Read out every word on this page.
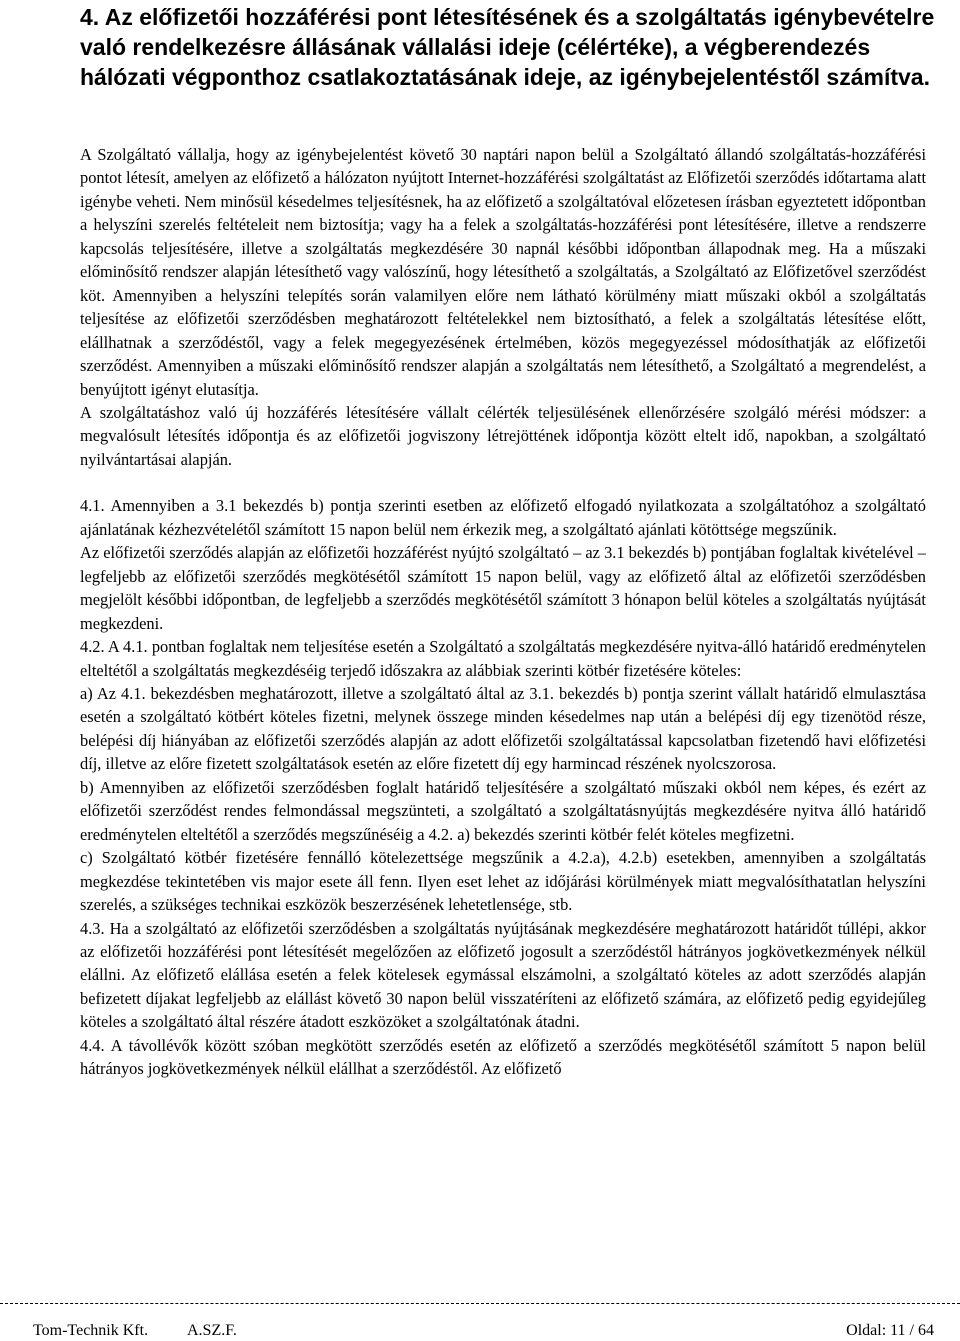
4. Az előfizetői hozzáférési pont létesítésének és a szolgáltatás igénybevételre való rendelkezésre állásának vállalási ideje (célértéke), a végberendezés hálózati végponthoz csatlakoztatásának ideje, az igénybejelentéstől számítva.

A Szolgáltató vállalja, hogy az igénybejelentést követő 30 naptári napon belül a Szolgáltató állandó szolgáltatás-hozzáférési pontot létesít, amelyen az előfizető a hálózaton nyújtott Internet-hozzáférési szolgáltatást az Előfizetői szerződés időtartama alatt igénybe veheti. Nem minősül késedelmes teljesítésnek, ha az előfizető a szolgáltatóval előzetesen írásban egyeztetett időpontban a helyszíni szerelés feltételeit nem biztosítja; vagy ha a felek a szolgáltatás-hozzáférési pont létesítésére, illetve a rendszerre kapcsolás teljesítésére, illetve a szolgáltatás megkezdésére 30 napnál későbbi időpontban állapodnak meg. Ha a műszaki előminősítő rendszer alapján létesíthető vagy valószínű, hogy létesíthető a szolgáltatás, a Szolgáltató az Előfizetővel szerződést köt. Amennyiben a helyszíni telepítés során valamilyen előre nem látható körülmény miatt műszaki okból a szolgáltatás teljesítése az előfizetői szerződésben meghatározott feltételekkel nem biztosítható, a felek a szolgáltatás létesítése előtt, elállhatnak a szerződéstől, vagy a felek megegyezésének értelmében, közös megegyezéssel módosíthatják az előfizetői szerződést. Amennyiben a műszaki előminősítő rendszer alapján a szolgáltatás nem létesíthető, a Szolgáltató a megrendelést, a benyújtott igényt elutasítja.

A szolgáltatáshoz való új hozzáférés létesítésére vállalt célérték teljesülésének ellenőrzésére szolgáló mérési módszer: a megvalósult létesítés időpontja és az előfizetői jogviszony létrejöttének időpontja között eltelt idő, napokban, a szolgáltató nyilvántartásai alapján.

4.1. Amennyiben a 3.1 bekezdés b) pontja szerinti esetben az előfizető elfogadó nyilatkozata a szolgáltatóhoz a szolgáltató ajánlatának kézhezvételétől számított 15 napon belül nem érkezik meg, a szolgáltató ajánlati kötöttsége megszűnik.

Az előfizetői szerződés alapján az előfizetői hozzáférést nyújtó szolgáltató – az 3.1 bekezdés b) pontjában foglaltak kivételével – legfeljebb az előfizetői szerződés megkötésétől számított 15 napon belül, vagy az előfizető által az előfizetői szerződésben megjelölt későbbi időpontban, de legfeljebb a szerződés megkötésétől számított 3 hónapon belül köteles a szolgáltatás nyújtását megkezdeni.

4.2. A 4.1. pontban foglaltak nem teljesítése esetén a Szolgáltató a szolgáltatás megkezdésére nyitva-álló határidő eredménytelen elteltétől a szolgáltatás megkezdéséig terjedő időszakra az alábbiak szerinti kötbér fizetésére köteles:

a) Az 4.1. bekezdésben meghatározott, illetve a szolgáltató által az 3.1. bekezdés b) pontja szerint vállalt határidő elmulasztása esetén a szolgáltató kötbért köteles fizetni, melynek összege minden késedelmes nap után a belépési díj egy tizenötöd része, belépési díj hiányában az előfizetői szerződés alapján az adott előfizetői szolgáltatással kapcsolatban fizetendő havi előfizetési díj, illetve az előre fizetett szolgáltatások esetén az előre fizetett díj egy harmincad részének nyolcszorosa.

b) Amennyiben az előfizetői szerződésben foglalt határidő teljesítésére a szolgáltató műszaki okból nem képes, és ezért az előfizetői szerződést rendes felmondással megszünteti, a szolgáltató a szolgáltatásnyújtás megkezdésére nyitva álló határidő eredménytelen elteltétől a szerződés megszűnéséig a 4.2. a) bekezdés szerinti kötbér felét köteles megfizetni.

c) Szolgáltató kötbér fizetésére fennálló kötelezettsége megszűnik a 4.2.a), 4.2.b) esetekben, amennyiben a szolgáltatás megkezdése tekintetében vis major esete áll fenn. Ilyen eset lehet az időjárási körülmények miatt megvalósíthatatlan helyszíni szerelés, a szükséges technikai eszközök beszerzésének lehetetlensége, stb.

4.3. Ha a szolgáltató az előfizetői szerződésben a szolgáltatás nyújtásának megkezdésére meghatározott határidőt túllépi, akkor az előfizetői hozzáférési pont létesítését megelőzően az előfizető jogosult a szerződéstől hátrányos jogkövetkezmények nélkül elállni. Az előfizető elállása esetén a felek kötelesek egymással elszámolni, a szolgáltató köteles az adott szerződés alapján befizetett díjakat legfeljebb az elállást követő 30 napon belül visszatéríteni az előfizető számára, az előfizető pedig egyidejűleg köteles a szolgáltató által részére átadott eszközöket a szolgáltatónak átadni.

4.4. A távollévők között szóban megkötött szerződés esetén az előfizető a szerződés megkötésétől számított 5 napon belül hátrányos jogkövetkezmények nélkül elállhat a szerződéstől. Az előfizető

Tom-Technik Kft. A.SZ.F.	Oldal: 11 / 64
